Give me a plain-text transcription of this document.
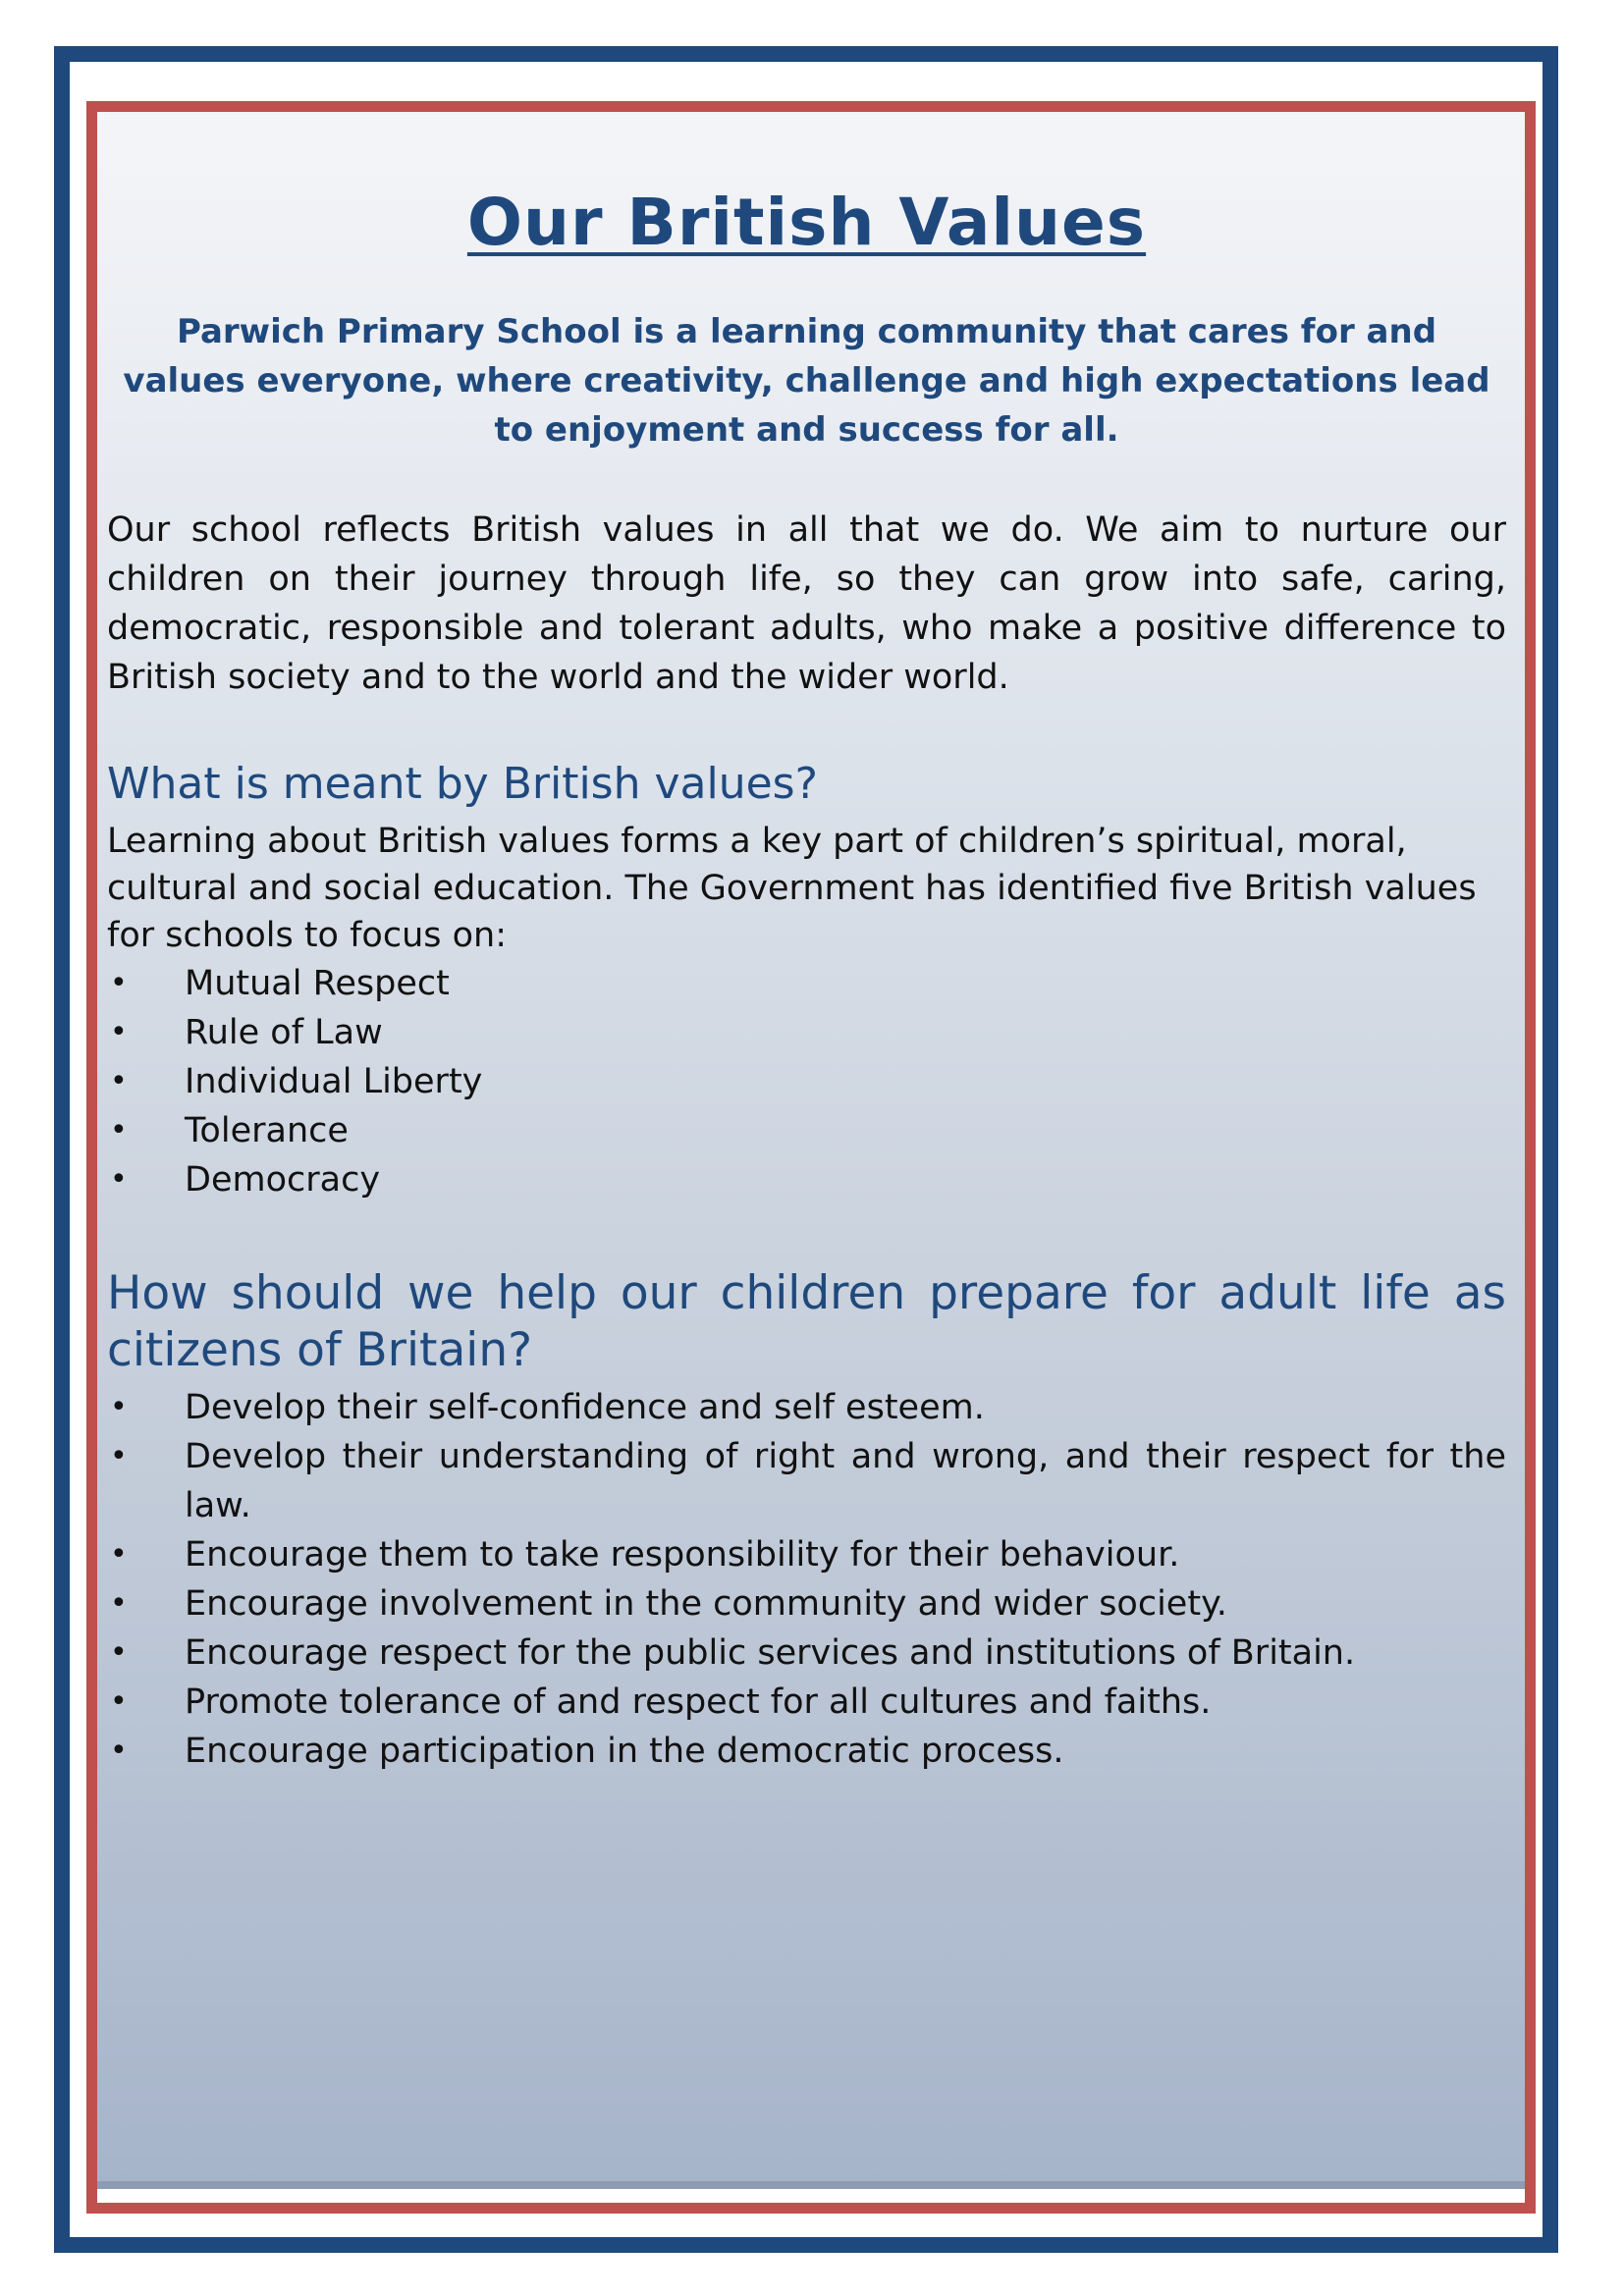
Our British Values

Parwich Primary School is a learning community that cares for and values everyone, where creativity, challenge and high expectations lead to enjoyment and success for all.

Our school reflects British values in all that we do. We aim to nurture our children on their journey through life, so they can grow into safe, caring, democratic, responsible and tolerant adults, who make a positive difference to British society and to the world and the wider world.

What is meant by British values?

Learning about British values forms a key part of children’s spiritual, moral, cultural and social education. The Government has identified five British values for schools to focus on:

• Mutual Respect
• Rule of Law
• Individual Liberty
• Tolerance
• Democracy
How should we help our children prepare for adult life as citizens of Britain?
• Develop their self-confidence and self esteem.
• Develop their understanding of right and wrong, and their respect for the law.
• Encourage them to take responsibility for their behaviour.
• Encourage involvement in the community and wider society.
• Encourage respect for the public services and institutions of Britain.
• Promote tolerance of and respect for all cultures and faiths.
• Encourage participation in the democratic process.
